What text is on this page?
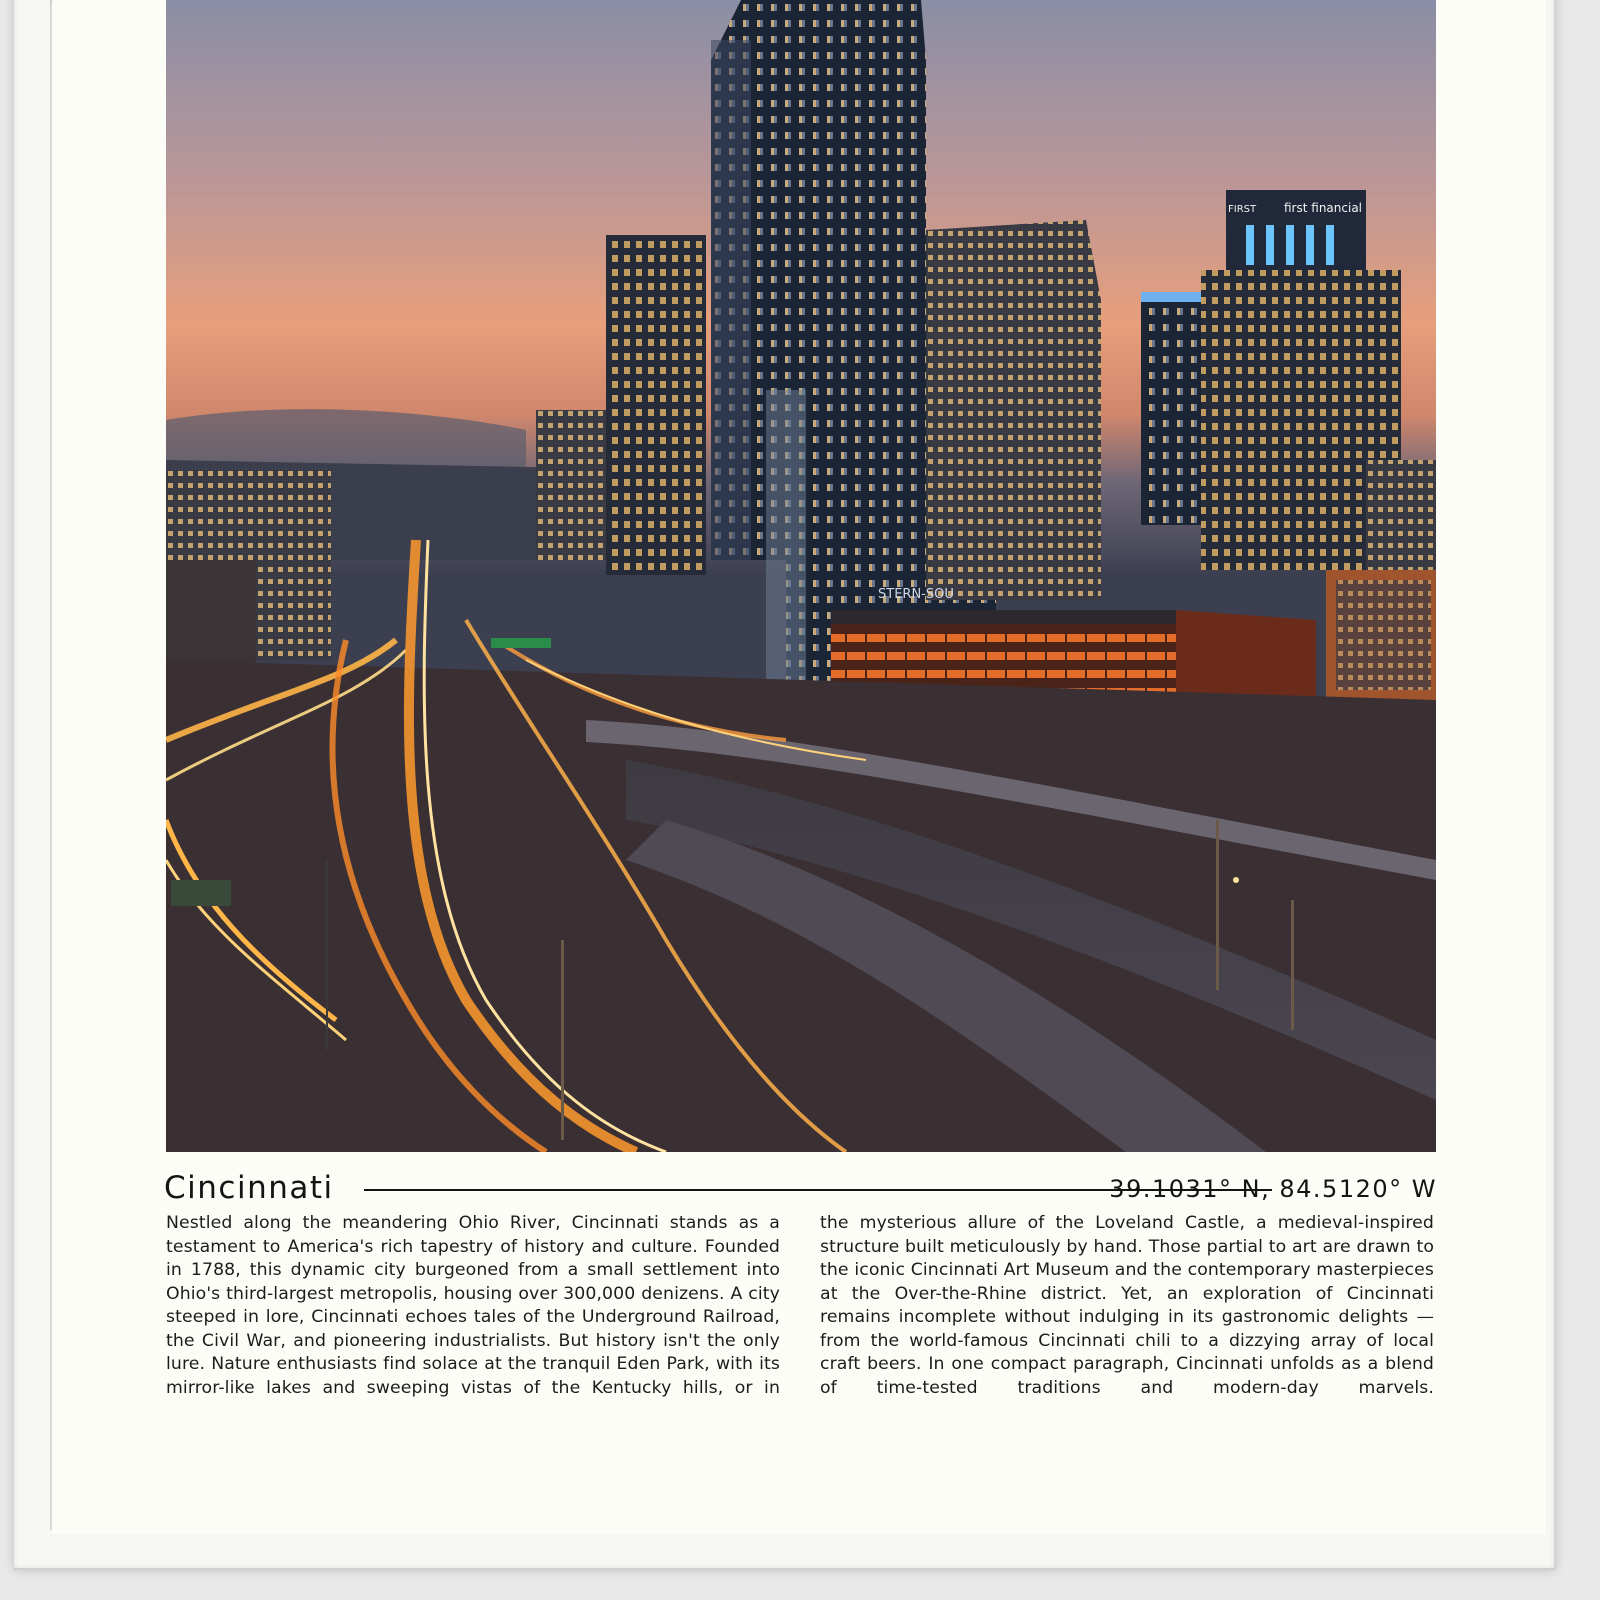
first financial
FIRST
STERN-SOU
Cincinnati	39.1031° N, 84.5120° W

Nestled along the meandering Ohio River, Cincinnati stands as a testament to America's rich tapestry of history and culture. Founded in 1788, this dynamic city burgeoned from a small settlement into Ohio's third-largest metropolis, housing over 300,000 denizens. A city steeped in lore, Cincinnati echoes tales of the Underground Railroad, the Civil War, and pioneering industrialists. But history isn't the only lure. Nature enthusiasts find solace at the tranquil Eden Park, with its mirror-like lakes and sweeping vistas of the Kentucky hills, or in

the mysterious allure of the Loveland Castle, a medieval-inspired structure built meticulously by hand. Those partial to art are drawn to the iconic Cincinnati Art Museum and the contemporary masterpieces at the Over-the-Rhine district. Yet, an exploration of Cincinnati remains incomplete without indulging in its gastronomic delights — from the world-famous Cincinnati chili to a dizzying array of local craft beers. In one compact paragraph, Cincinnati unfolds as a blend of time-tested traditions and modern-day marvels.
